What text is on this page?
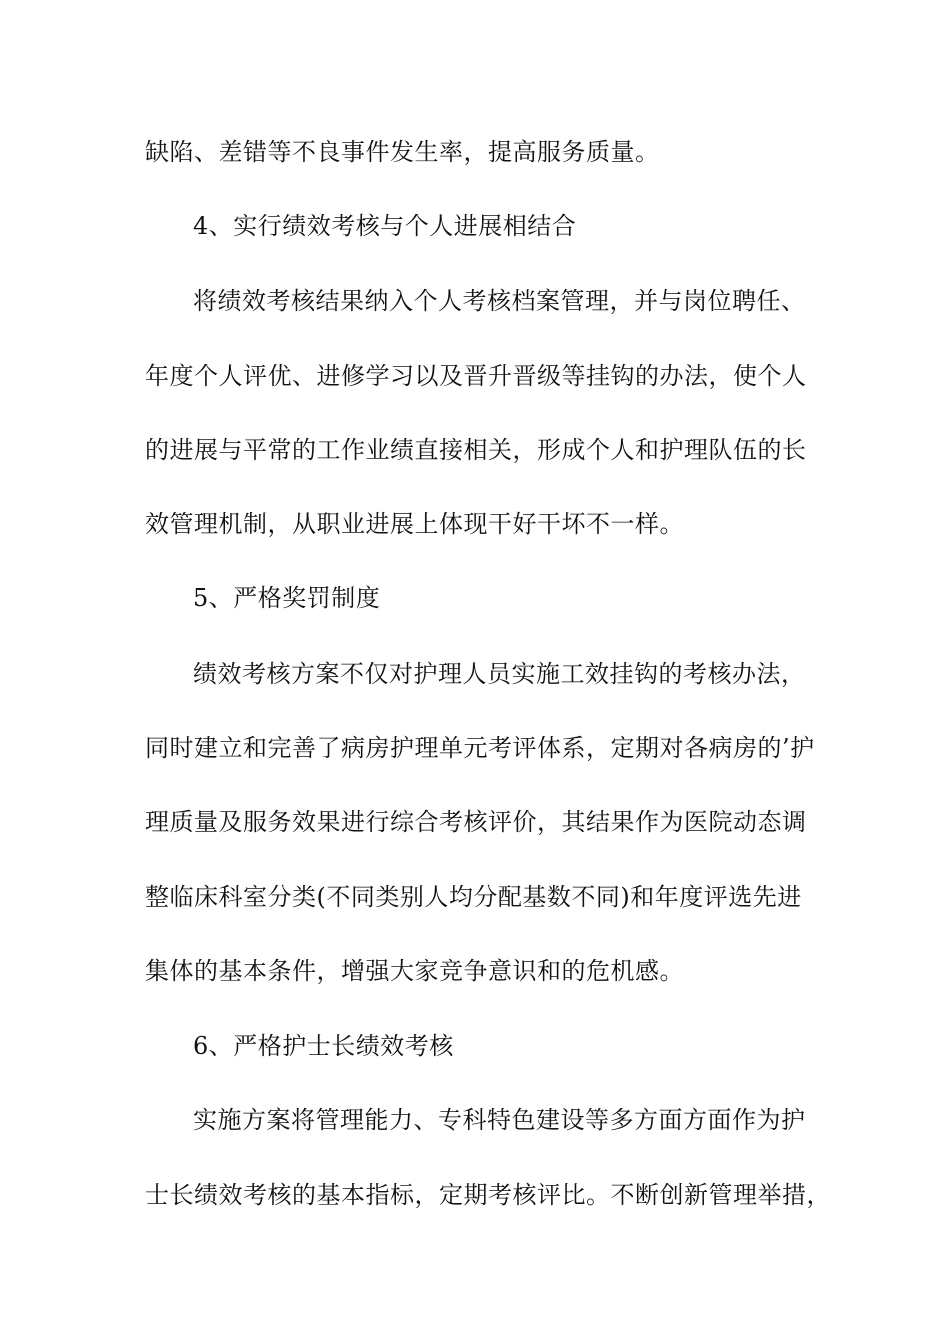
缺陷、差错等不良事件发生率，提高服务质量。
4、实行绩效考核与个人进展相结合
将绩效考核结果纳入个人考核档案管理，并与岗位聘任、
年度个人评优、进修学习以及晋升晋级等挂钩的办法，使个人
的进展与平常的工作业绩直接相关，形成个人和护理队伍的长
效管理机制，从职业进展上体现干好干坏不一样。
5、严格奖罚制度
绩效考核方案不仅对护理人员实施工效挂钩的考核办法，
同时建立和完善了病房护理单元考评体系，定期对各病房的’护
理质量及服务效果进行综合考核评价，其结果作为医院动态调
整临床科室分类(不同类别人均分配基数不同)和年度评选先进
集体的基本条件，增强大家竞争意识和的危机感。
6、严格护士长绩效考核
实施方案将管理能力、专科特色建设等多方面方面作为护
士长绩效考核的基本指标，定期考核评比。不断创新管理举措，
